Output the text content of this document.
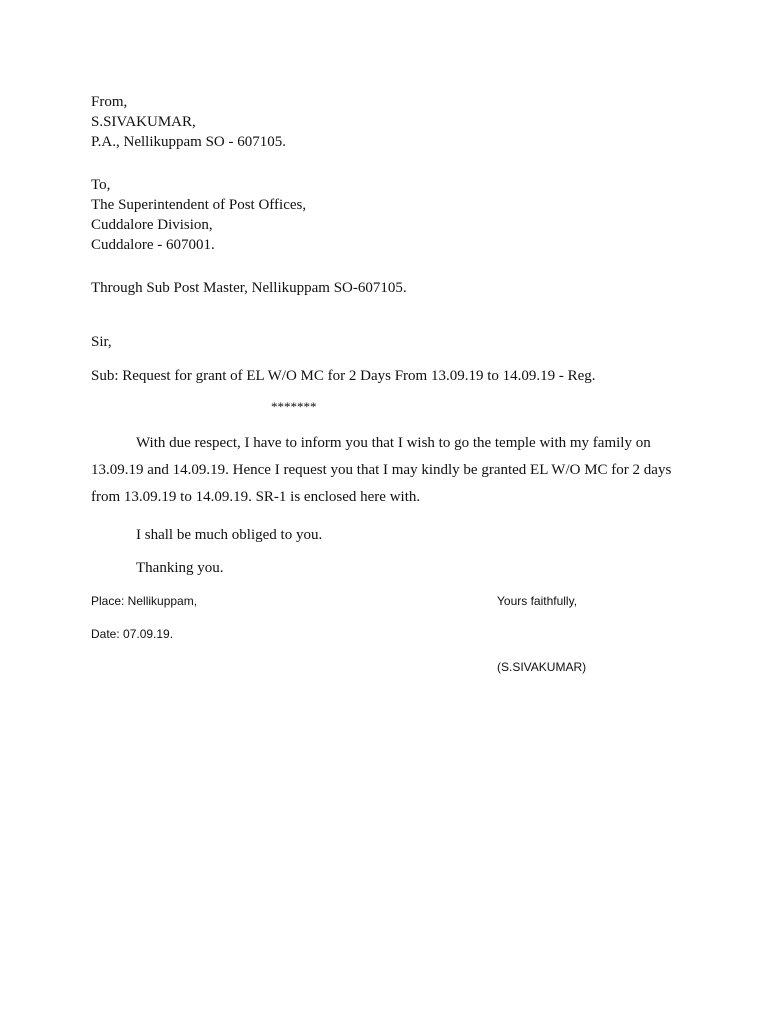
From,
S.SIVAKUMAR,
P.A., Nellikuppam SO - 607105.
To,
The Superintendent of Post Offices,
Cuddalore Division,
Cuddalore - 607001.

Through Sub Post Master, Nellikuppam SO-607105.

Sir,

Sub: Request for grant of EL W/O MC for 2 Days From 13.09.19 to 14.09.19 - Reg.

*******

With due respect, I have to inform you that I wish to go the temple with my family on
13.09.19 and 14.09.19. Hence I request you that I may kindly be granted EL W/O MC for 2 days
from 13.09.19 to 14.09.19. SR-1 is enclosed here with.

I shall be much obliged to you.

Thanking you.

Place: Nellikuppam,	Yours faithfully,

Date: 07.09.19.

(S.SIVAKUMAR)
